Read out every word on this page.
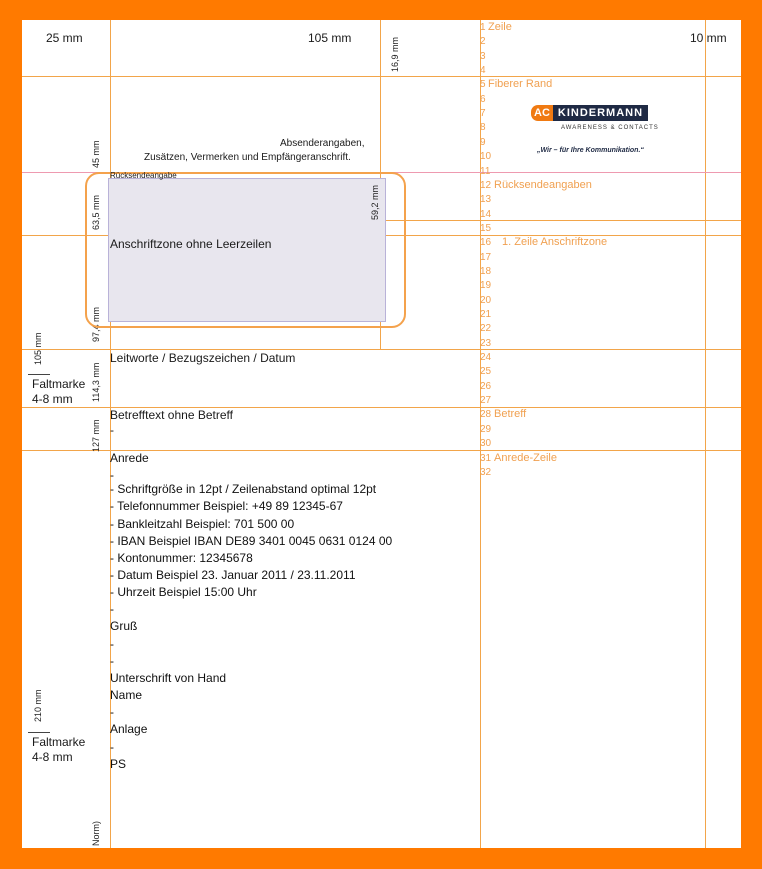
25 mm	105 mm	10 mm
16,9 mm
45 mm
63,5 mm
97,4 mm
105 mm
114,3 mm
127 mm
210 mm
Norm)
Faltmarke
4-8 mm
Faltmarke
4-8 mm
Absenderangaben,
Zusätzen, Vermerken und Empfängeranschrift.
Rücksendeangabe
Anschriftzone ohne Leerzeilen
59,2 mm
AC KINDERMANN
AWARENESS & CONTACTS
„Wir – für Ihre Kommunikation.“
Leitworte / Bezugszeichen / Datum
Betrefftext ohne Betreff
-
Anrede
-
- Schriftgröße in 12pt / Zeilenabstand optimal 12pt
- Telefonnummer Beispiel: +49 89 12345-67
- Bankleitzahl Beispiel: 701 500 00
- IBAN Beispiel IBAN DE89 3401 0045 0631 0124 00
- Kontonummer: 12345678
- Datum Beispiel 23. Januar 2011 / 23.11.2011
- Uhrzeit Beispiel 15:00 Uhr
-
Gruß
-
-
Unterschrift von Hand
Name
-
Anlage
-
PS
1
2
3
4
5
6
7
8
9
10
11
12
13
14
15
16
17
18
19
20
21
22
23
24
25
26
27
28
29
30
31
32
Zeile
Fiberer Rand
Rücksendeangaben
1. Zeile Anschriftzone
Betreff
Anrede-Zeile
